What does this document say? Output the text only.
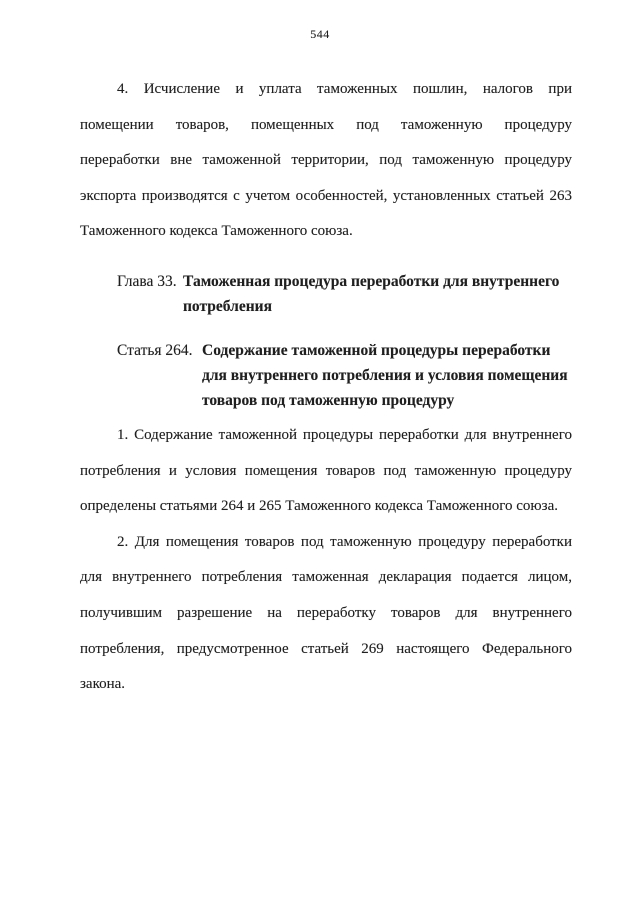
544
4. Исчисление и уплата таможенных пошлин, налогов при
помещении товаров, помещенных под таможенную процедуру
переработки вне таможенной территории, под таможенную процедуру
экспорта производятся с учетом особенностей, установленных статьей 263
Таможенного кодекса Таможенного союза.
Глава 33. Таможенная процедура переработки для внутреннего
потребления
Статья 264. Содержание таможенной процедуры переработки
для внутреннего потребления и условия помещения
товаров под таможенную процедуру
1. Содержание таможенной процедуры переработки для внутреннего
потребления и условия помещения товаров под таможенную процедуру
определены статьями 264 и 265 Таможенного кодекса Таможенного союза.
2. Для помещения товаров под таможенную процедуру переработки
для внутреннего потребления таможенная декларация подается лицом,
получившим разрешение на переработку товаров для внутреннего
потребления, предусмотренное статьей 269 настоящего Федерального
закона.
